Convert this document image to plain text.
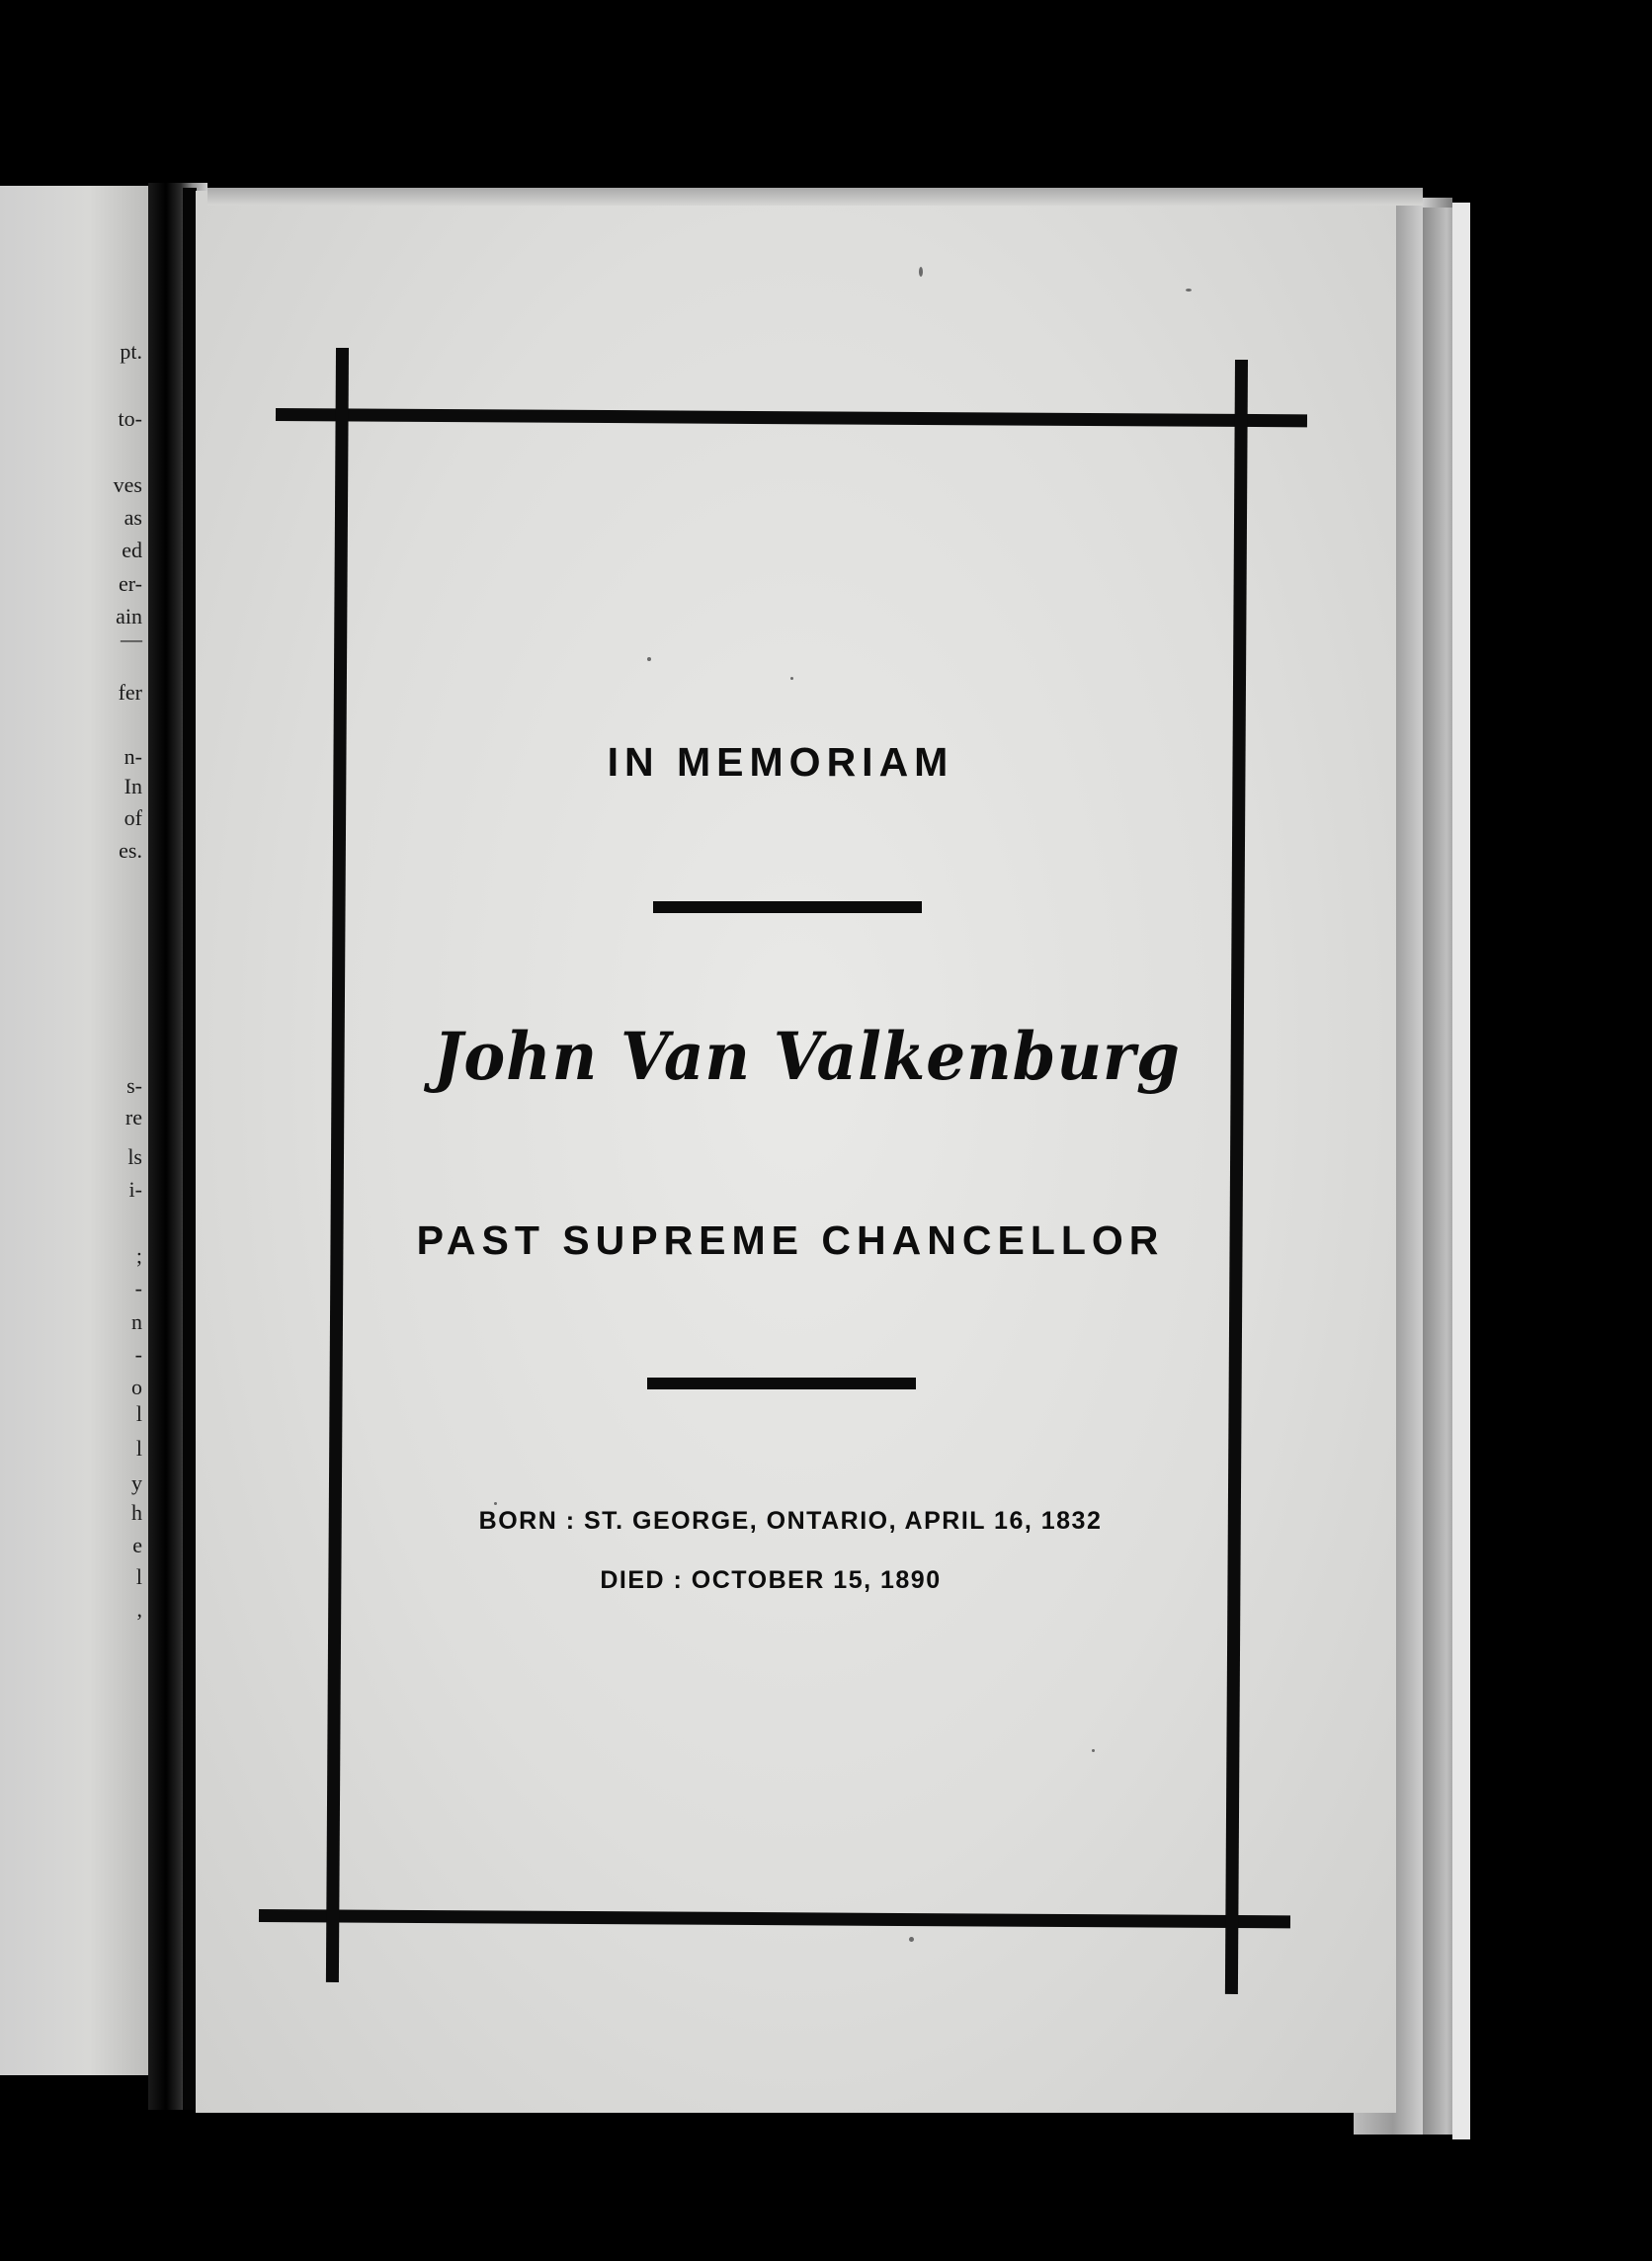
pt.
to-
ves
as
ed
er-
ain
—
fer
n-
In
of
es.
s-
re
ls
i-
;
-
n
-
o
l
l
y
h
e
l
,
IN MEMORIAM
John Van Valkenburg
PAST SUPREME CHANCELLOR
BORN : ST. GEORGE, ONTARIO, APRIL 16, 1832
DIED : OCTOBER 15, 1890
